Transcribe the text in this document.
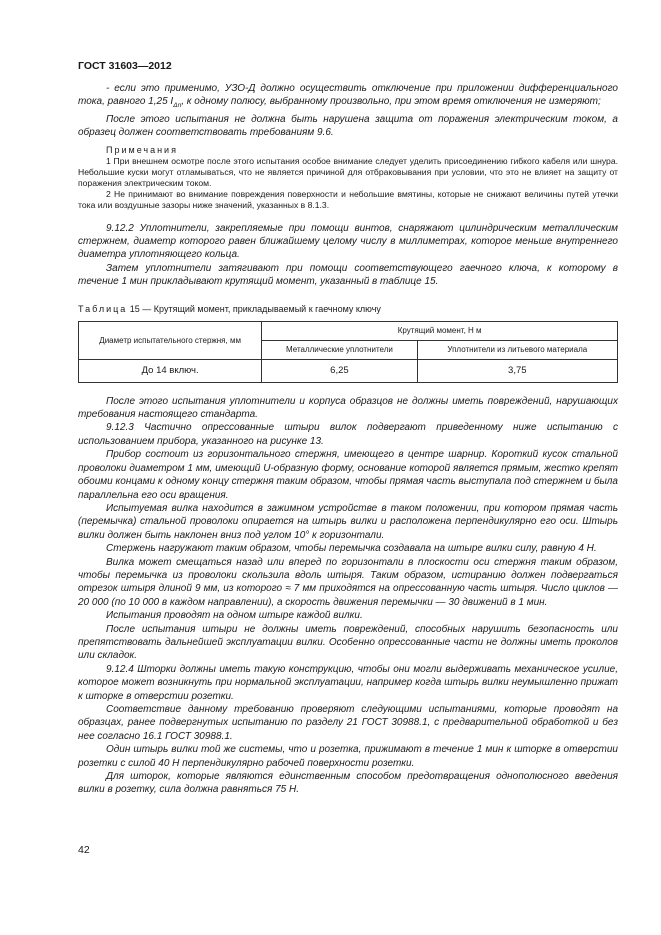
ГОСТ 31603—2012

- если это применимо, УЗО-Д должно осуществить отключение при приложении дифференциального тока, равного 1,25 $I_{\Delta n}$, к одному полюсу, выбранному произвольно, при этом время отключения не измеряют;

После этого испытания не должна быть нарушена защита от поражения электрическим током, а образец должен соответствовать требованиям 9.6.

Примечания

1 При внешнем осмотре после этого испытания особое внимание следует уделить присоединению гибкого кабеля или шнура. Небольшие куски могут отламываться, что не является причиной для отбраковывания при условии, что это не влияет на защиту от поражения электрическим током.

2 Не принимают во внимание повреждения поверхности и небольшие вмятины, которые не снижают величины путей утечки тока или воздушные зазоры ниже значений, указанных в 8.1.3.

9.12.2 Уплотнители, закрепляемые при помощи винтов, снаряжают цилиндрическим металлическим стержнем, диаметр которого равен ближайшему целому числу в миллиметрах, которое меньше внутреннего диаметра уплотняющего кольца.

Затем уплотнители затягивают при помощи соответствующего гаечного ключа, к которому в течение 1 мин прикладывают крутящий момент, указанный в таблице 15.

Таблица 15 — Крутящий момент, прикладываемый к гаечному ключу
Диаметр испытательного стержня, мм	Крутящий момент, Н м	
	Металлические уплотнители	Уплотнители из литьевого материала
До 14 включ.	6,25	3,75

После этого испытания уплотнители и корпуса образцов не должны иметь повреждений, нарушающих требования настоящего стандарта.

9.12.3 Частично опрессованные штыри вилок подвергают приведенному ниже испытанию с использованием прибора, указанного на рисунке 13.

Прибор состоит из горизонтального стержня, имеющего в центре шарнир. Короткий кусок стальной проволоки диаметром 1 мм, имеющий U-образную форму, основание которой является прямым, жестко крепят обоими концами к одному концу стержня таким образом, чтобы прямая часть выступала под стержнем и была параллельна его оси вращения.

Испытуемая вилка находится в зажимном устройстве в таком положении, при котором прямая часть (перемычка) стальной проволоки опирается на штырь вилки и расположена перпендикулярно его оси. Штырь вилки должен быть наклонен вниз под углом 10° к горизонтали.

Стержень нагружают таким образом, чтобы перемычка создавала на штыре вилки силу, равную 4 Н.

Вилка может смещаться назад или вперед по горизонтали в плоскости оси стержня таким образом, чтобы перемычка из проволоки скользила вдоль штыря. Таким образом, истиранию должен подвергаться отрезок штыря длиной 9 мм, из которого ≈ 7 мм приходятся на опрессованную часть штыря. Число циклов — 20 000 (по 10 000 в каждом направлении), а скорость движения перемычки — 30 движений в 1 мин.

Испытания проводят на одном штыре каждой вилки.

После испытания штыри не должны иметь повреждений, способных нарушить безопасность или препятствовать дальнейшей эксплуатации вилки. Особенно опрессованные части не должны иметь проколов или складок.

9.12.4 Шторки должны иметь такую конструкцию, чтобы они могли выдерживать механическое усилие, которое может возникнуть при нормальной эксплуатации, например когда штырь вилки неумышленно прижат к шторке в отверстии розетки.

Соответствие данному требованию проверяют следующими испытаниями, которые проводят на образцах, ранее подвергнутых испытанию по разделу 21 ГОСТ 30988.1, с предварительной обработкой и без нее согласно 16.1 ГОСТ 30988.1.

Один штырь вилки той же системы, что и розетка, прижимают в течение 1 мин к шторке в отверстии розетки с силой 40 Н перпендикулярно рабочей поверхности розетки.

Для шторок, которые являются единственным способом предотвращения однополюсного введения вилки в розетку, сила должна равняться 75 Н.

42
